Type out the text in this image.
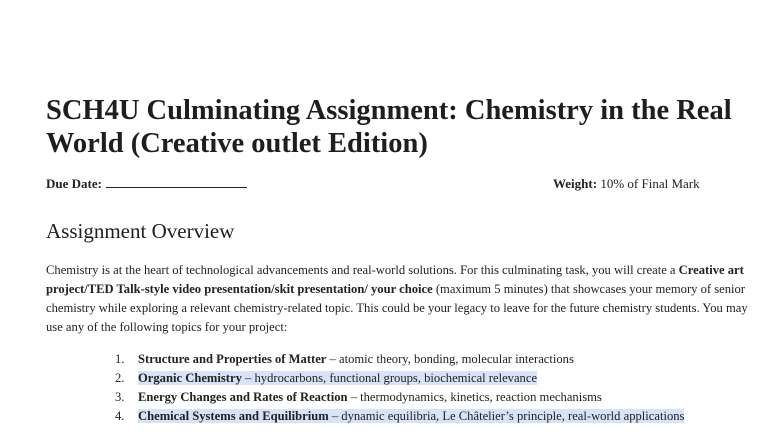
SCH4U Culminating Assignment: Chemistry in the Real World (Creative outlet Edition)
Due Date:	Weight: 10% of Final Mark
Assignment Overview

Chemistry is at the heart of technological advancements and real-world solutions. For this culminating task, you will create a Creative art project/TED Talk-style video presentation/skit presentation/ your choice (maximum 5 minutes) that showcases your memory of senior chemistry while exploring a relevant chemistry-related topic. This could be your legacy to leave for the future chemistry students. You may use any of the following topics for your project:

1. Structure and Properties of Matter – atomic theory, bonding, molecular interactions
2. Organic Chemistry – hydrocarbons, functional groups, biochemical relevance
3. Energy Changes and Rates of Reaction – thermodynamics, kinetics, reaction mechanisms
4. Chemical Systems and Equilibrium – dynamic equilibria, Le Châtelier’s principle, real-world applications
